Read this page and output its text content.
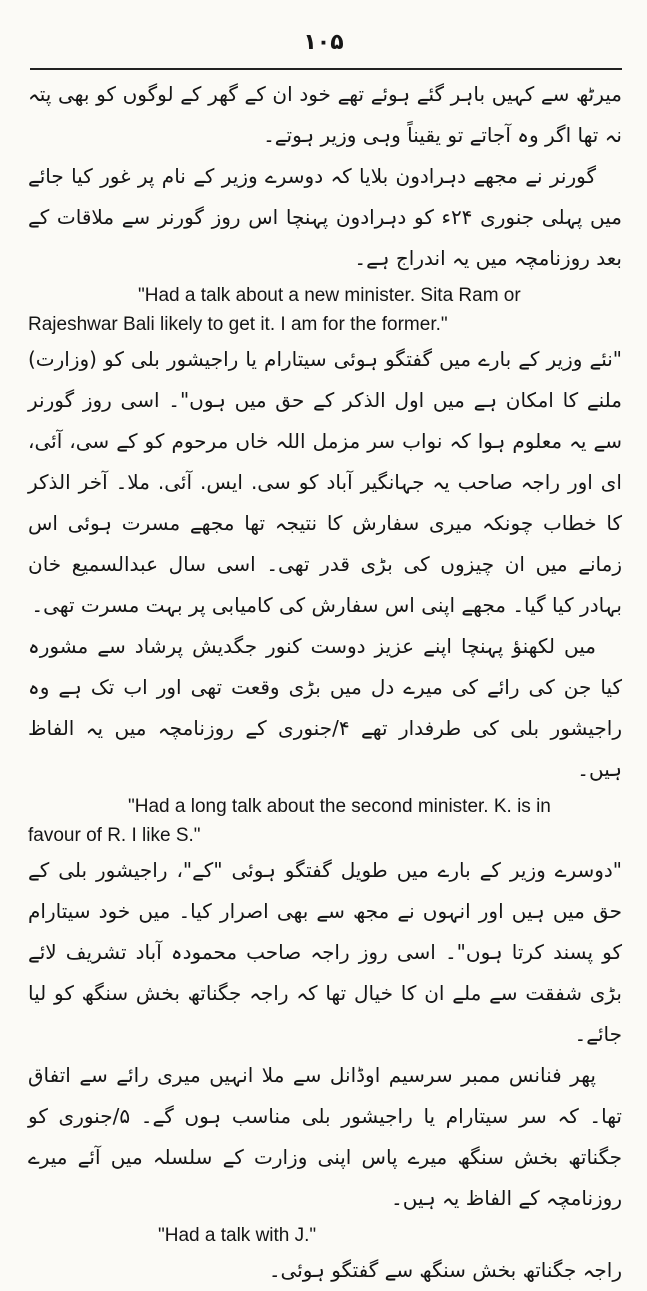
۱۰۵

میرٹھ سے کہیں باہر گئے ہوئے تھے خود ان کے گھر کے لوگوں کو بھی پتہ نہ تھا اگر وہ آجاتے تو یقیناً وہی وزیر ہوتے۔

گورنر نے مجھے دہرادون بلایا کہ دوسرے وزیر کے نام پر غور کیا جائے میں پہلی جنوری ۲۴ء کو دہرادون پہنچا اس روز گورنر سے ملاقات کے بعد روزنامچہ میں یہ اندراج ہے۔

"Had a talk about a new minister. Sita Ram or
Rajeshwar Bali likely to get it. I am for the former."

"نئے وزیر کے بارے میں گفتگو ہوئی سیتارام یا راجیشور بلی کو (وزارت) ملنے کا امکان ہے میں اول الذکر کے حق میں ہوں"۔ اسی روز گورنر سے یہ معلوم ہوا کہ نواب سر مزمل اللہ خاں مرحوم کو کے سی، آئی، ای اور راجہ صاحب یہ جہانگیر آباد کو سی. ایس. آئی. ملا۔ آخر الذکر کا خطاب چونکہ میری سفارش کا نتیجہ تھا مجھے مسرت ہوئی اس زمانے میں ان چیزوں کی بڑی قدر تھی۔ اسی سال عبدالسمیع خان بہادر کیا گیا۔ مجھے اپنی اس سفارش کی کامیابی پر بہت مسرت تھی۔

میں لکھنؤ پہنچا اپنے عزیز دوست کنور جگدیش پرشاد سے مشورہ کیا جن کی رائے کی میرے دل میں بڑی وقعت تھی اور اب تک ہے وہ راجیشور بلی کی طرفدار تھے ۴/جنوری کے روزنامچہ میں یہ الفاظ ہیں۔

"Had a long talk about the second minister. K. is in
favour of R. I like S."

"دوسرے وزیر کے بارے میں طویل گفتگو ہوئی "کے"، راجیشور بلی کے حق میں ہیں اور انہوں نے مجھ سے بھی اصرار کیا۔ میں خود سیتارام کو پسند کرتا ہوں"۔ اسی روز راجہ صاحب محمودہ آباد تشریف لائے بڑی شفقت سے ملے ان کا خیال تھا کہ راجہ جگناتھ بخش سنگھ کو لیا جائے۔

پھر فنانس ممبر سرسیم اوڈانل سے ملا انہیں میری رائے سے اتفاق تھا۔ کہ سر سیتارام یا راجیشور بلی مناسب ہوں گے۔ ۵/جنوری کو جگناتھ بخش سنگھ میرے پاس اپنی وزارت کے سلسلہ میں آئے میرے روزنامچہ کے الفاظ یہ ہیں۔

"Had a talk with J."

راجہ جگناتھ بخش سنگھ سے گفتگو ہوئی۔
